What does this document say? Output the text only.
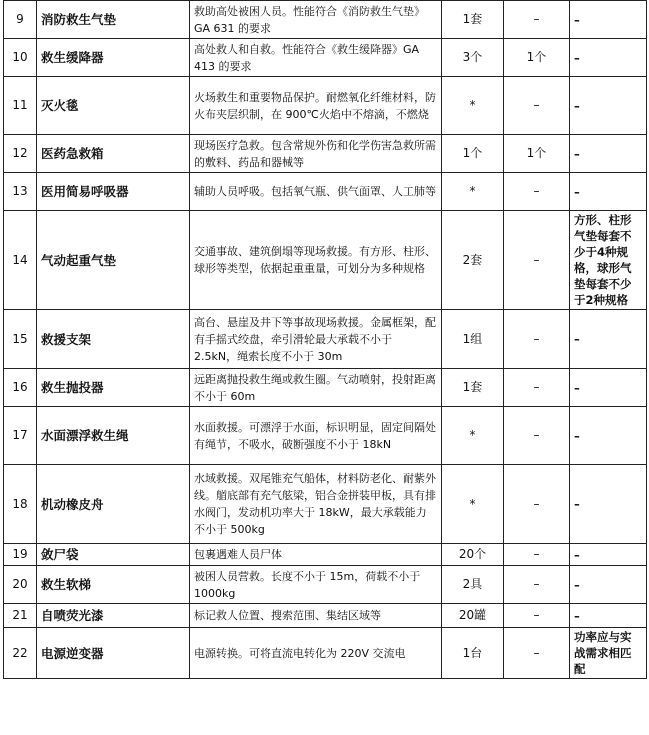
9	消防救生气垫	救助高处被困人员。性能符合《消防救生气垫》GA 631 的要求	1套	–	–
10	救生缓降器	高处救人和自救。性能符合《救生缓降器》GA 413 的要求	3个	1个	–
11	灭火毯	火场救生和重要物品保护。耐燃氧化纤维材料，防火布夹层织制，在 900℃火焰中不熔滴，不燃烧	*	–	–
12	医药急救箱	现场医疗急救。包含常规外伤和化学伤害急救所需的敷料、药品和器械等	1个	1个	–
13	医用简易呼吸器	辅助人员呼吸。包括氧气瓶、供气面罩、人工肺等	*	–	–
14	气动起重气垫	交通事故、建筑倒塌等现场救援。有方形、柱形、球形等类型，依据起重重量，可划分为多种规格	2套	–	方形、柱形气垫每套不少于4种规格，球形气垫每套不少于2种规格
15	救援支架	高台、悬崖及井下等事故现场救援。金属框架，配有手摇式绞盘，牵引滑轮最大承载不小于 2.5kN，绳索长度不小于 30m	1组	–	–
16	救生抛投器	远距离抛投救生绳或救生圈。气动喷射，投射距离不小于 60m	1套	–	–
17	水面漂浮救生绳	水面救援。可漂浮于水面，标识明显，固定间隔处有绳节，不吸水，破断强度不小于 18kN	*	–	–
18	机动橡皮舟	水域救援。双尾锥充气船体，材料防老化、耐紫外线。艏底部有充气舷梁，铝合金拼装甲板，具有排水阀门，发动机功率大于 18kW，最大承载能力不小于 500kg	*	–	–
19	敛尸袋	包裹遇难人员尸体	20个	–	–
20	救生软梯	被困人员营救。长度不小于 15m，荷载不小于 1000kg	2具	–	–
21	自喷荧光漆	标记救人位置、搜索范围、集结区域等	20罐	–	–
22	电源逆变器	电源转换。可将直流电转化为 220V 交流电	1台	–	功率应与实战需求相匹配
